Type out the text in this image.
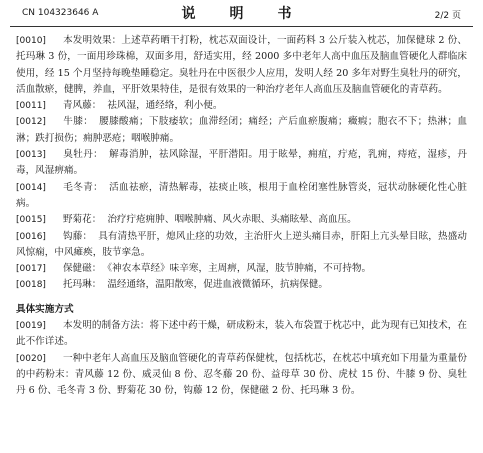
CN 104323646 A	说　明　书	2/2 页

[0010] 本发明效果：上述草药晒干打粉，枕芯双面设计，一面药料 3 公斤装入枕芯，加保健球 2 份、托玛琳 3 份，一面用珍珠棉，双面多用，舒适实用，经 2000 多中老年人高中血压及脑血管硬化人群临床使用，经 15 个月坚持每晚垫睡稳定。臭牡丹在中医很少人应用，发明人经 20 多年对野生臭牡丹的研究，活血散瘀，健脾，养血，平肝效果特佳，是很有效果的一种治疗老年人高血压及脑血管硬化的青草药。

[0011] 青风藤： 祛风湿，通经络，利小便。

[0012] 牛膝： 腰膝酸痛；下肢痿软；血滞经闭；痛经；产后血瘀腹痛；癥瘕；胞衣不下；热淋；血淋；跌打损伤；痈肿恶疮；咽喉肿痛。

[0013] 臭牡丹： 解毒消肿，祛风除湿，平肝潜阳。用于眩晕，痈疽，疔疮，乳痈，痔疮，湿疹，丹毒，风湿痹痛。

[0014] 毛冬青： 活血祛瘀，清热解毒，祛痰止咳，根用于血栓闭塞性脉管炎，冠状动脉硬化性心脏病。

[0015] 野菊花： 治疗疔疮痈肿、咽喉肿痛、风火赤眼、头痛眩晕、高血压。

[0016] 钩藤： 具有清热平肝，熄风止痉的功效，主治肝火上逆头痛目赤，肝阳上亢头晕目眩，热盛动风惊痫，中风瘫痪，肢节挛急。

[0017] 保健磁： 《神农本草经》味辛寒，主周痹，风湿，肢节肿痛，不可持物。

[0018] 托玛琳： 温经通络，温阳散寒，促进血液微循环，抗病保健。

具体实施方式

[0019] 本发明的制备方法：将下述中药干燥，研成粉末，装入布袋置于枕芯中，此为现有已知技术，在此不作详述。

[0020] 一种中老年人高血压及脑血管硬化的青草药保健枕，包括枕芯，在枕芯中填充如下用量为重量份的中药粉末：青风藤 12 份、威灵仙 8 份、忍冬藤 20 份、益母草 30 份、虎杖 15 份、牛膝 9 份、臭牡丹 6 份、毛冬青 3 份、野菊花 30 份，钩藤 12 份，保健磁 2 份、托玛琳 3 份。
